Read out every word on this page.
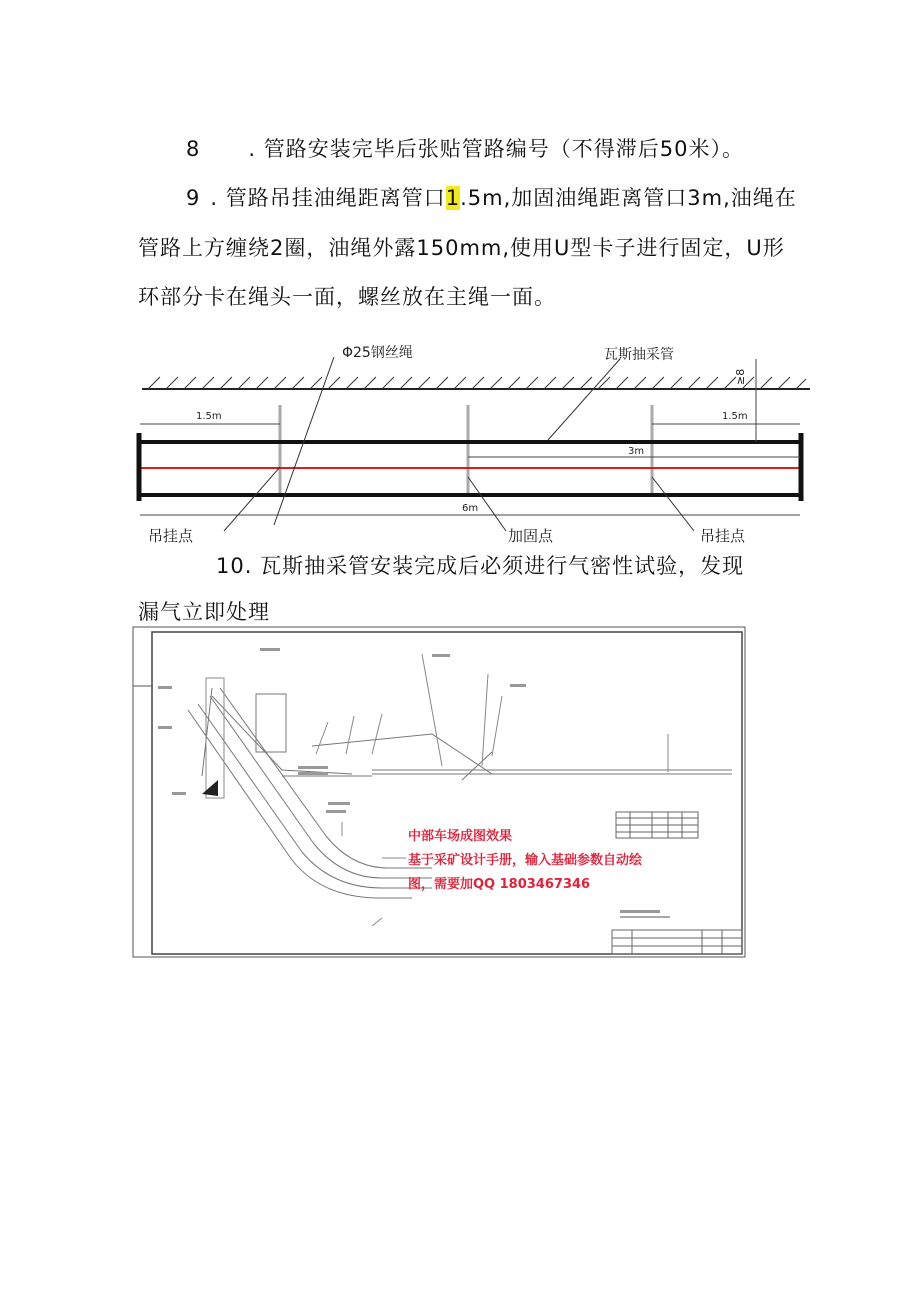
8 . 管路安装完毕后张贴管路编号（不得滞后50米）。
9 . 管路吊挂油绳距离管口1.5m,加固油绳距离管口3m,油绳在
管路上方缠绕2圈，油绳外露150mm,使用U型卡子进行固定，U形
环部分卡在绳头一面，螺丝放在主绳一面。
1.5m	1.5m
3m
6m
≥8
Φ25钢丝绳	瓦斯抽采管
吊挂点	加固点	吊挂点
10. 瓦斯抽采管安装完成后必须进行气密性试验，发现
漏气立即处理
中部车场成图效果
基于采矿设计手册，输入基础参数自动绘
图，需要加QQ 1803467346
